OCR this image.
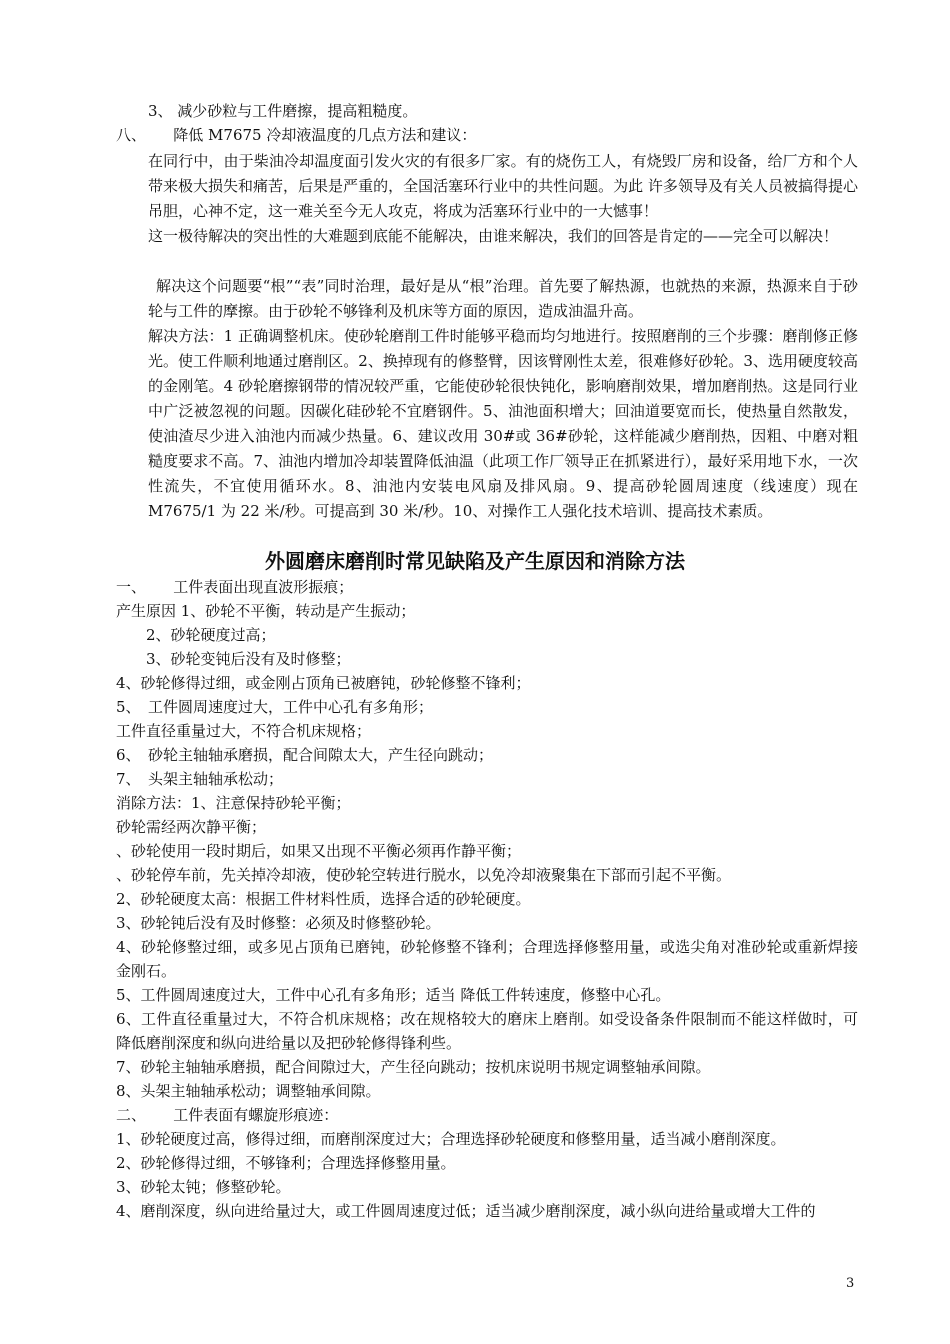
3、 减少砂粒与工件磨擦，提高粗糙度。
八、　　 降低 M7675 冷却液温度的几点方法和建议：
在同行中，由于柴油冷却温度面引发火灾的有很多厂家。有的烧伤工人，有烧毁厂房和设备，给厂方和个人带来极大损失和痛苦，后果是严重的，全国活塞环行业中的共性问题。为此 许多领导及有关人员被搞得提心吊胆，心神不定，这一难关至今无人攻克，将成为活塞环行业中的一大憾事！
这一极待解决的突出性的大难题到底能不能解决，由谁来解决，我们的回答是肯定的——完全可以解决！
解决这个问题要“根”“表”同时治理，最好是从“根”治理。首先要了解热源，也就热的来源，热源来自于砂轮与工件的摩擦。由于砂轮不够锋利及机床等方面的原因，造成油温升高。
解决方法：1 正确调整机床。使砂轮磨削工件时能够平稳而均匀地进行。按照磨削的三个步骤：磨削修正修光。使工件顺利地通过磨削区。2、换掉现有的修整臂，因该臂刚性太差，很难修好砂轮。3、选用硬度较高的金刚笔。4 砂轮磨擦钢带的情况较严重，它能使砂轮很快钝化，影响磨削效果，增加磨削热。这是同行业中广泛被忽视的问题。因碳化硅砂轮不宜磨钢件。5、油池面积增大；回油道要宽而长，使热量自然散发，使油渣尽少进入油池内而减少热量。6、建议改用 30#或 36#砂轮，这样能减少磨削热，因粗、中磨对粗糙度要求不高。7、油池内增加冷却装置降低油温（此项工作厂领导正在抓紧进行），最好采用地下水，一次性流失，不宜使用循环水。8、油池内安装电风扇及排风扇。9、提高砂轮圆周速度（线速度）现在 M7675/1 为 22 米/秒。可提高到 30 米/秒。10、对操作工人强化技术培训、提高技术素质。
外圆磨床磨削时常见缺陷及产生原因和消除方法
一、　　 工件表面出现直波形振痕；
产生原因 1、砂轮不平衡，转动是产生振动；
　　2、砂轮硬度过高；
　　3、砂轮变钝后没有及时修整；
4、砂轮修得过细，或金刚占顶角已被磨钝，砂轮修整不锋利；
5、　工件圆周速度过大，工件中心孔有多角形；
工件直径重量过大，不符合机床规格；
6、　砂轮主轴轴承磨损，配合间隙太大，产生径向跳动；
7、　头架主轴轴承松动；
消除方法：1、注意保持砂轮平衡；
砂轮需经两次静平衡；
、砂轮使用一段时期后，如果又出现不平衡必须再作静平衡；
、砂轮停车前，先关掉冷却液，使砂轮空转进行脱水，以免冷却液聚集在下部而引起不平衡。
2、砂轮硬度太高：根据工件材料性质，选择合适的砂轮硬度。
3、砂轮钝后没有及时修整：必须及时修整砂轮。
4、砂轮修整过细，或多见占顶角已磨钝，砂轮修整不锋利；合理选择修整用量，或选尖角对准砂轮或重新焊接金刚石。
5、工件圆周速度过大，工件中心孔有多角形；适当 降低工件转速度，修整中心孔。
6、工件直径重量过大，不符合机床规格；改在规格较大的磨床上磨削。如受设备条件限制而不能这样做时，可降低磨削深度和纵向进给量以及把砂轮修得锋利些。
7、砂轮主轴轴承磨损，配合间隙过大，产生径向跳动；按机床说明书规定调整轴承间隙。
8、头架主轴轴承松动；调整轴承间隙。
二、　　 工件表面有螺旋形痕迹：
1、砂轮硬度过高，修得过细，而磨削深度过大；合理选择砂轮硬度和修整用量，适当减小磨削深度。
2、砂轮修得过细，不够锋利；合理选择修整用量。
3、砂轮太钝；修整砂轮。
4、磨削深度，纵向进给量过大，或工件圆周速度过低；适当减少磨削深度，减小纵向进给量或增大工件的
3
